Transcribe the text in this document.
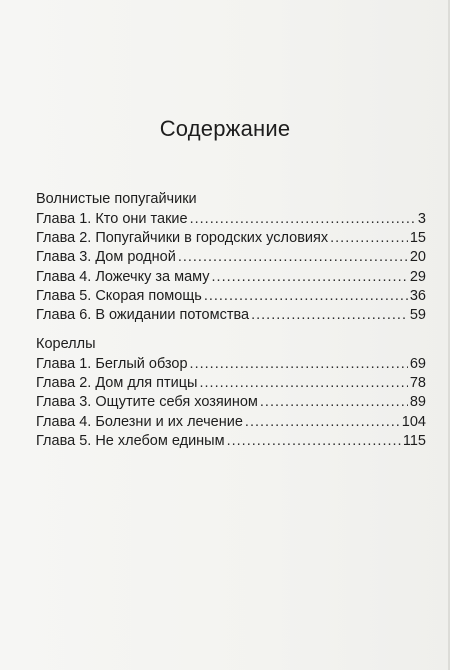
Содержание
Волнистые попугайчики
Глава 1. Кто они такие .....	3
Глава 2. Попугайчики в городских условиях .....	15
Глава 3. Дом родной .....	20
Глава 4. Ложечку за маму .....	29
Глава 5. Скорая помощь .....	36
Глава 6. В ожидании потомства .....	59
Кореллы
Глава 1. Беглый обзор .....	69
Глава 2. Дом для птицы .....	78
Глава 3. Ощутите себя хозяином .....	89
Глава 4. Болезни и их лечение .....	104
Глава 5. Не хлебом единым .....	115
